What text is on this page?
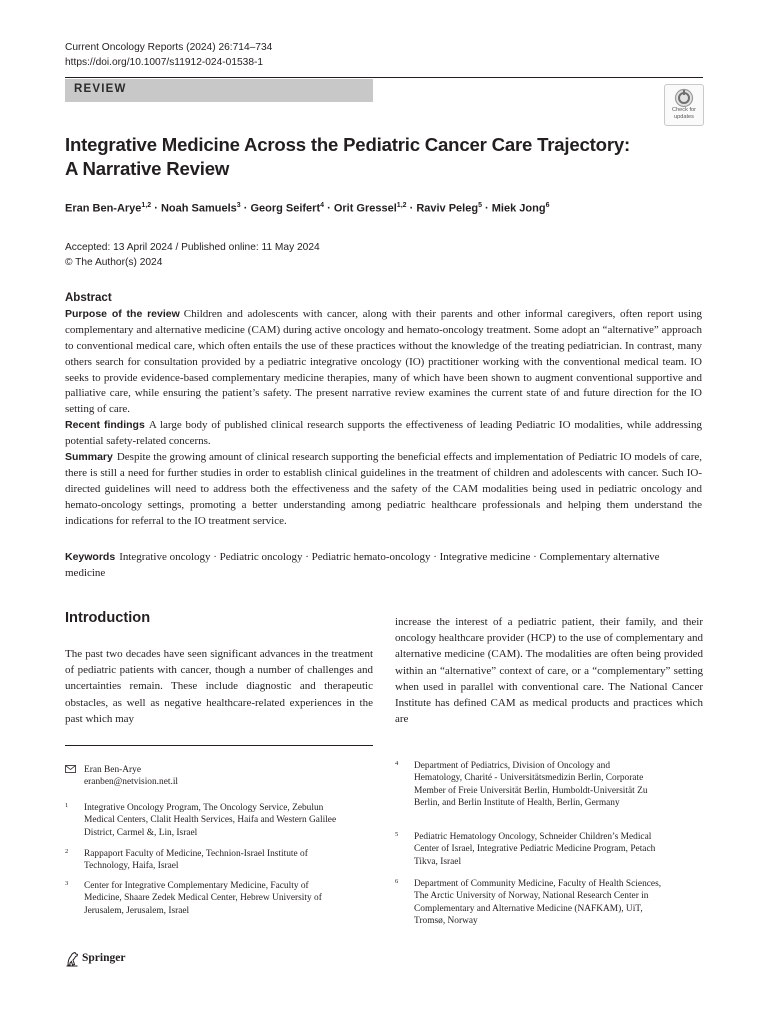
Current Oncology Reports (2024) 26:714–734
https://doi.org/10.1007/s11912-024-01538-1
REVIEW
Check for updates
Integrative Medicine Across the Pediatric Cancer Care Trajectory:
A Narrative Review
Eran Ben-Arye$^{1,2}$ · Noah Samuels$^3$ · Georg Seifert$^4$ · Orit Gressel$^{1,2}$ · Raviv Peleg$^5$ · Miek Jong$^6$
Accepted: 13 April 2024 / Published online: 11 May 2024
© The Author(s) 2024
Abstract

Purpose of the review Children and adolescents with cancer, along with their parents and other informal caregivers, often report using complementary and alternative medicine (CAM) during active oncology and hemato-oncology treatment. Some adopt an “alternative” approach to conventional medical care, which often entails the use of these practices without the knowledge of the treating pediatrician. In contrast, many others search for consultation provided by a pediatric integrative oncology (IO) practitioner working with the conventional medical team. IO seeks to provide evidence-based complementary medicine therapies, many of which have been shown to augment conventional supportive and palliative care, while ensuring the patient’s safety. The present narrative review examines the current state of and future direction for the IO setting of care.

Recent findings A large body of published clinical research supports the effectiveness of leading Pediatric IO modalities, while addressing potential safety-related concerns.

Summary Despite the growing amount of clinical research supporting the beneficial effects and implementation of Pediatric IO models of care, there is still a need for further studies in order to establish clinical guidelines in the treatment of children and adolescents with cancer. Such IO-directed guidelines will need to address both the effectiveness and the safety of the CAM modalities being used in pediatric oncology and hemato-oncology settings, promoting a better understanding among pediatric healthcare professionals and helping them understand the indications for referral to the IO treatment service.

Keywords Integrative oncology · Pediatric oncology · Pediatric hemato-oncology · Integrative medicine · Complementary alternative medicine
Introduction
The past two decades have seen significant advances in the treatment of pediatric patients with cancer, though a number of challenges and uncertainties remain. These include diagnostic and therapeutic obstacles, as well as negative healthcare-related experiences in the past which may
increase the interest of a pediatric patient, their family, and their oncology healthcare provider (HCP) to the use of complementary and alternative medicine (CAM). The modalities are often being provided within an “alternative” context of care, or a “complementary” setting when used in parallel with conventional care. The National Cancer Institute has defined CAM as medical products and practices which are
Eran Ben-Arye
eranben@netvision.net.il
1 Integrative Oncology Program, The Oncology Service, Zebulun Medical Centers, Clalit Health Services, Haifa and Western Galilee District, Carmel &, Lin, Israel
2 Rappaport Faculty of Medicine, Technion-Israel Institute of Technology, Haifa, Israel
3 Center for Integrative Complementary Medicine, Faculty of Medicine, Shaare Zedek Medical Center, Hebrew University of Jerusalem, Jerusalem, Israel
4 Department of Pediatrics, Division of Oncology and Hematology, Charité - Universitätsmedizin Berlin, Corporate Member of Freie Universität Berlin, Humboldt-Universität Zu Berlin, and Berlin Institute of Health, Berlin, Germany
5 Pediatric Hematology Oncology, Schneider Children’s Medical Center of Israel, Integrative Pediatric Medicine Program, Petach Tikva, Israel
6 Department of Community Medicine, Faculty of Health Sciences, The Arctic University of Norway, National Research Center in Complementary and Alternative Medicine (NAFKAM), UiT, Tromsø, Norway
Springer
